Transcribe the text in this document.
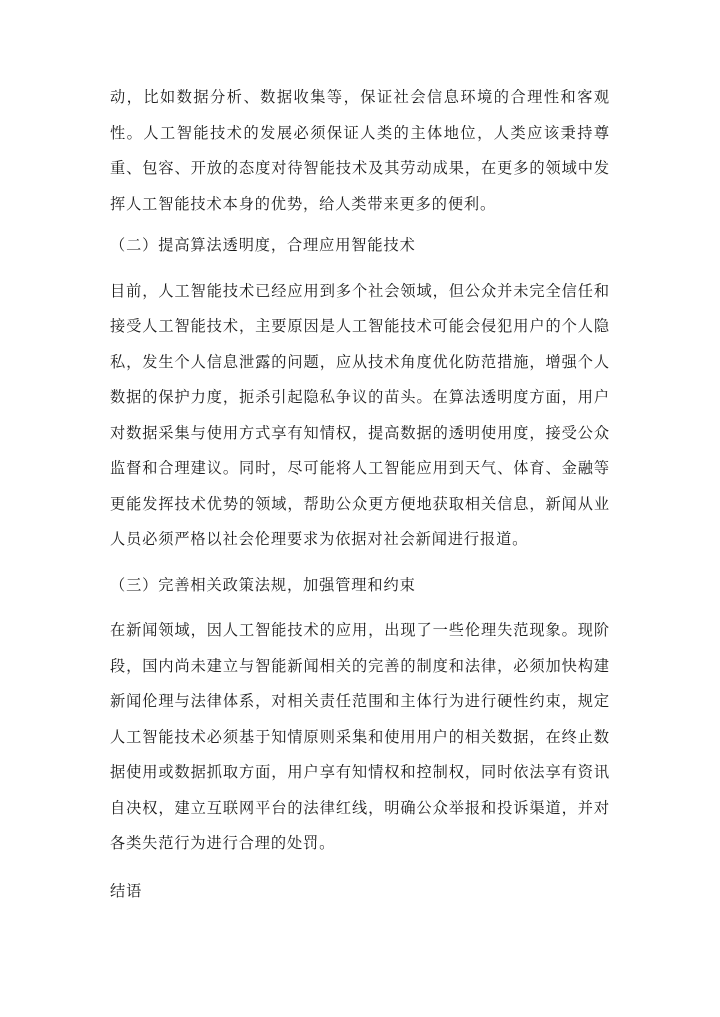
动，比如数据分析、数据收集等，保证社会信息环境的合理性和客观性。人工智能技术的发展必须保证人类的主体地位，人类应该秉持尊重、包容、开放的态度对待智能技术及其劳动成果，在更多的领域中发挥人工智能技术本身的优势，给人类带来更多的便利。

（二）提高算法透明度，合理应用智能技术

目前，人工智能技术已经应用到多个社会领域，但公众并未完全信任和接受人工智能技术，主要原因是人工智能技术可能会侵犯用户的个人隐私，发生个人信息泄露的问题，应从技术角度优化防范措施，增强个人数据的保护力度，扼杀引起隐私争议的苗头。在算法透明度方面，用户对数据采集与使用方式享有知情权，提高数据的透明使用度，接受公众监督和合理建议。同时，尽可能将人工智能应用到天气、体育、金融等更能发挥技术优势的领域，帮助公众更方便地获取相关信息，新闻从业人员必须严格以社会伦理要求为依据对社会新闻进行报道。

（三）完善相关政策法规，加强管理和约束

在新闻领域，因人工智能技术的应用，出现了一些伦理失范现象。现阶段，国内尚未建立与智能新闻相关的完善的制度和法律，必须加快构建新闻伦理与法律体系，对相关责任范围和主体行为进行硬性约束，规定人工智能技术必须基于知情原则采集和使用用户的相关数据，在终止数据使用或数据抓取方面，用户享有知情权和控制权，同时依法享有资讯自决权，建立互联网平台的法律红线，明确公众举报和投诉渠道，并对各类失范行为进行合理的处罚。

结语
